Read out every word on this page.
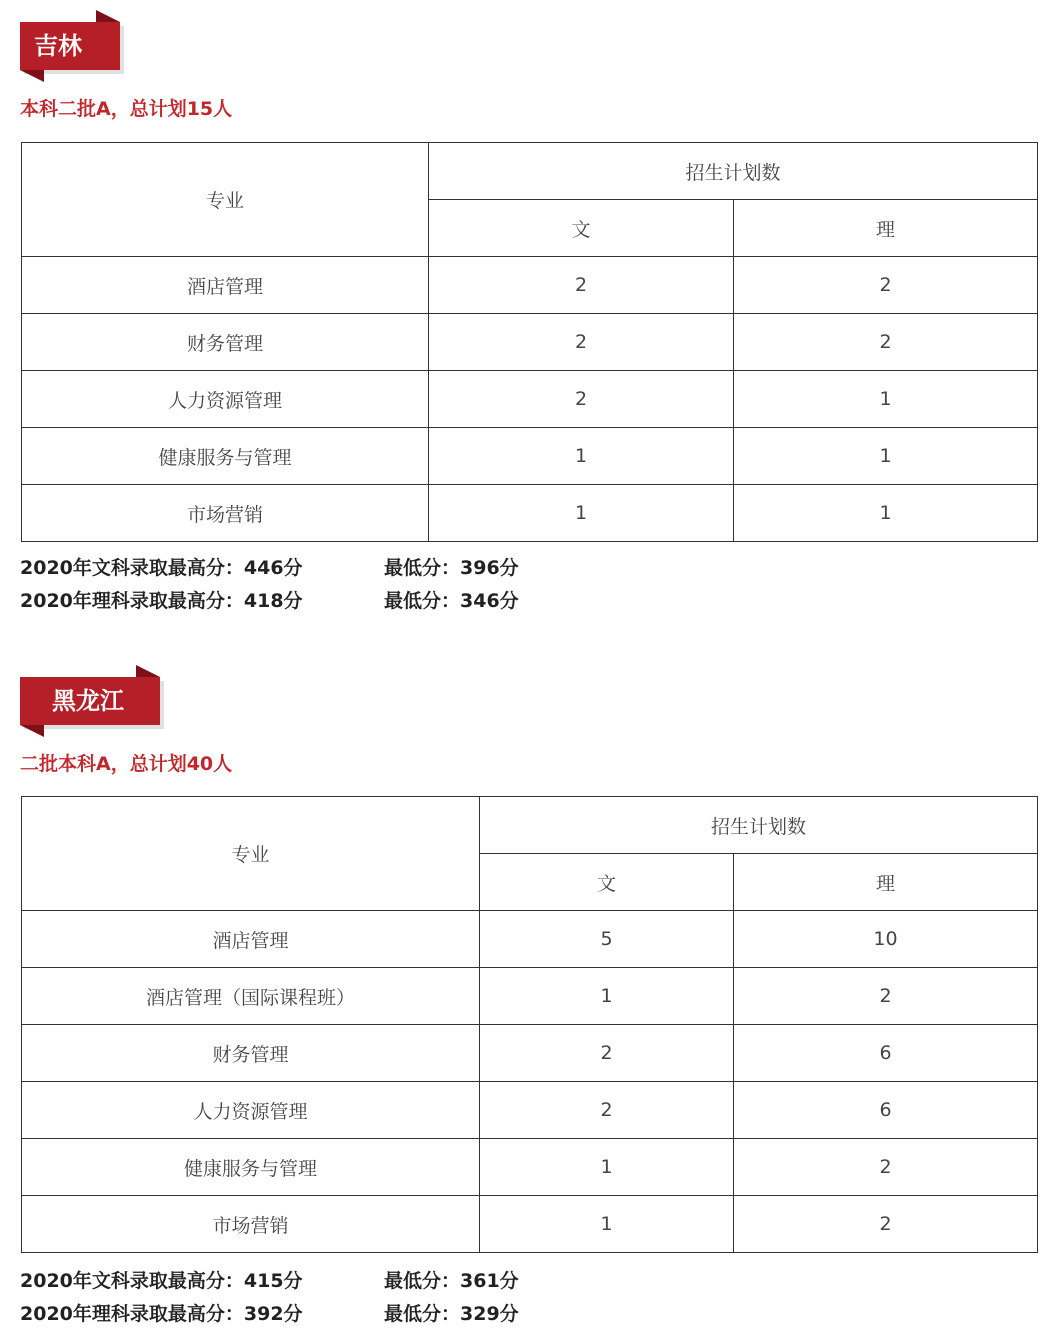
吉林
本科二批A，总计划15人
专业	招生计划数	
	文	理
酒店管理	2	2
财务管理	2	2
人力资源管理	2	1
健康服务与管理	1	1
市场营销	1	1
2020年文科录取最高分：446分	最低分：396分
2020年理科录取最高分：418分	最低分：346分
黑龙江
二批本科A，总计划40人
专业	招生计划数	
	文	理
酒店管理	5	10
酒店管理（国际课程班）	1	2
财务管理	2	6
人力资源管理	2	6
健康服务与管理	1	2
市场营销	1	2
2020年文科录取最高分：415分	最低分：361分
2020年理科录取最高分：392分	最低分：329分
